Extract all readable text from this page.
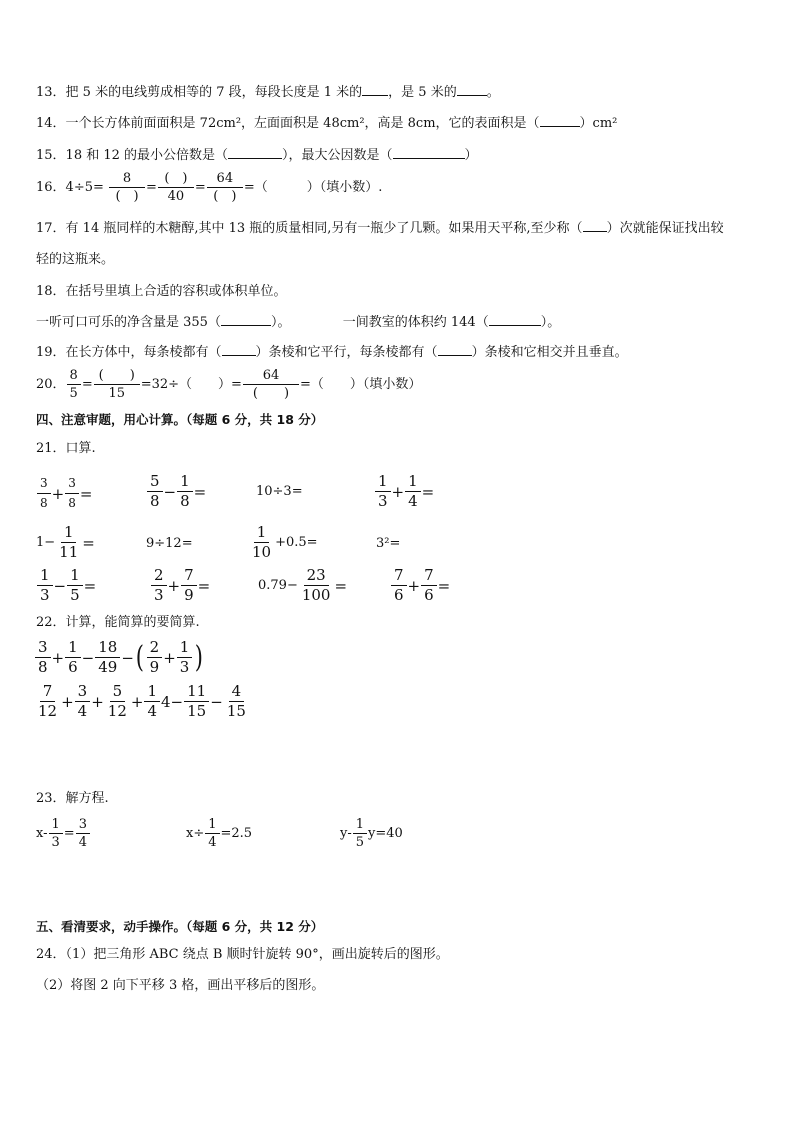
13．把 5 米的电线剪成相等的 7 段，每段长度是 1 米的 ，是 5 米的 。
14．一个长方体前面面积是 72cm²，左面面积是 48cm²，高是 8cm，它的表面积是（	）cm²
15．18 和 12 的最小公倍数是（	），最大公因数是（	）
16．4÷5=
8
(　)
=
(　)
40
=
64
(　)
=（　　　）（填小数）.
17．有 14 瓶同样的木糖醇,其中 13 瓶的质量相同,另有一瓶少了几颗。如果用天平称,至少称（ ）次就能保证找出较
轻的这瓶来。
18．在括号里填上合适的容积或体积单位。
一听可口可乐的净含量是 355（	）。	一间教室的体积约 144（	）。
19．在长方体中，每条棱都有（	）条棱和它平行，每条棱都有（	）条棱和它相交并且垂直。
20． $\frac{8}{5}$ =
(　　)
15
=32÷（　　）=
64
(　　)
=（　　）（填小数）
四、注意审题，用心计算。（每题 6 分，共 18 分）
21．口算.
$\frac{3}{8} + \frac{3}{8}$ =	$\frac{5}{8} - \frac{1}{8}$ =	10÷3=	$\frac{1}{3} + \frac{1}{4}$ =
$1- \frac{1}{11}$ =	9÷12=	$\frac{1}{10} +0.5=$	3²=
$\frac{1}{3} - \frac{1}{5}$ =	$\frac{2}{3} + \frac{7}{9}$ =	$0.79- \frac{23}{100}$ =	$\frac{7}{6} + \frac{7}{6}$ =
22．计算，能简算的要简算.
$\frac{3}{8} + \frac{1}{6} - \frac{18}{49}$ −( $\frac{2}{9} + \frac{1}{3}$ )
$\frac{7}{12} + \frac{3}{4} + \frac{5}{12} + \frac{1}{4} 4- \frac{11}{15} - \frac{4}{15}$
23．解方程.
$x- \frac{1}{3} = \frac{3}{4}$	$x\div \frac{1}{4} =2.5$	$y- \frac{1}{5} y=40$
五、看清要求，动手操作。（每题 6 分，共 12 分）
24．（1）把三角形 ABC 绕点 B 顺时针旋转 90°，画出旋转后的图形。
（2）将图 2 向下平移 3 格，画出平移后的图形。
